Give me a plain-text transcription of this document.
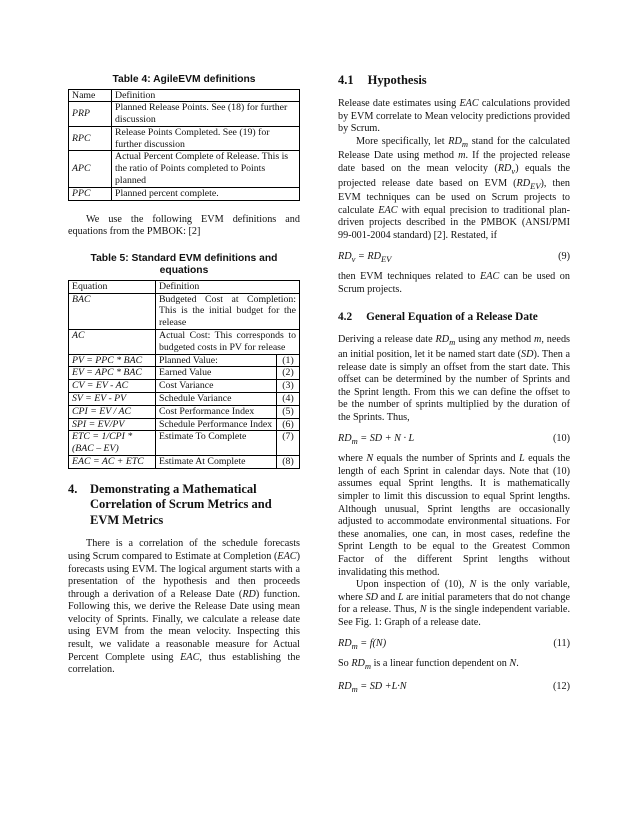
Table 4: AgileEVM definitions
Name	Definition
PRP	Planned Release Points. See (18) for further discussion
RPC	Release Points Completed. See (19) for further discussion
APC	Actual Percent Complete of Release. This is the ratio of Points completed to Points planned
PPC	Planned percent complete.

We use the following EVM definitions and equations from the PMBOK: [2]

Table 5: Standard EVM definitions and equations
Equation	Definition	
BAC	Budgeted Cost at Completion: This is the initial budget for the release	
AC	Actual Cost: This corresponds to budgeted costs in PV for release	
PV = PPC * BAC	Planned Value:	(1)
EV = APC * BAC	Earned Value	(2)
CV = EV - AC	Cost Variance	(3)
SV = EV - PV	Schedule Variance	(4)
CPI = EV / AC	Cost Performance Index	(5)
SPI = EV/PV	Schedule Performance Index	(6)
ETC = 1/CPI * (BAC – EV)	Estimate To Complete	(7)
EAC = AC + ETC	Estimate At Complete	(8)
4.	Demonstrating a Mathematical Correlation of Scrum Metrics and EVM Metrics

There is a correlation of the schedule forecasts using Scrum compared to Estimate at Completion (EAC) forecasts using EVM. The logical argument starts with a presentation of the hypothesis and then proceeds through a derivation of a Release Date (RD) function. Following this, we derive the Release Date using mean velocity of Sprints. Finally, we calculate a release date using EVM from the mean velocity. Inspecting this result, we validate a reasonable measure for Actual Percent Complete using EAC, thus establishing the correlation.

4.1 Hypothesis

Release date estimates using EAC calculations provided by EVM correlate to Mean velocity predictions provided by Scrum.

More specifically, let $RD_m$ stand for the calculated Release Date using method m. If the projected release date based on the mean velocity $(RD_v)$ equals the projected release date based on EVM $(RD_{EV})$, then EVM techniques can be used on Scrum projects to calculate EAC with equal precision to traditional plan-driven projects described in the PMBOK (ANSI/PMI 99-001-2004 standard) [2]. Restated, if

$RD_v = RD_{EV}$	(9)

then EVM techniques related to EAC can be used on Scrum projects.

4.2 General Equation of a Release Date

Deriving a release date $RD_m$ using any method m, needs an initial position, let it be named start date (SD). Then a release date is simply an offset from the start date. This offset can be determined by the number of Sprints and the Sprint length. From this we can define the offset to be the number of sprints multiplied by the duration of the Sprints. Thus,

$RD_m$ = SD + N · L	(10)

where N equals the number of Sprints and L equals the length of each Sprint in calendar days. Note that (10) assumes equal Sprint lengths. It is mathematically simpler to limit this discussion to equal Sprint lengths. Although unusual, Sprint lengths are occasionally adjusted to accommodate environmental situations. For these anomalies, one can, in most cases, redefine the Sprint Length to be equal to the Greatest Common Factor of the different Sprint lengths without invalidating this method.

Upon inspection of (10), N is the only variable, where SD and L are initial parameters that do not change for a release. Thus, N is the single independent variable. See Fig. 1: Graph of a release date.

$RD_m = f(N)$	(11)

So $RD_m$ is a linear function dependent on N.

$RD_m$ = SD +L·N	(12)
